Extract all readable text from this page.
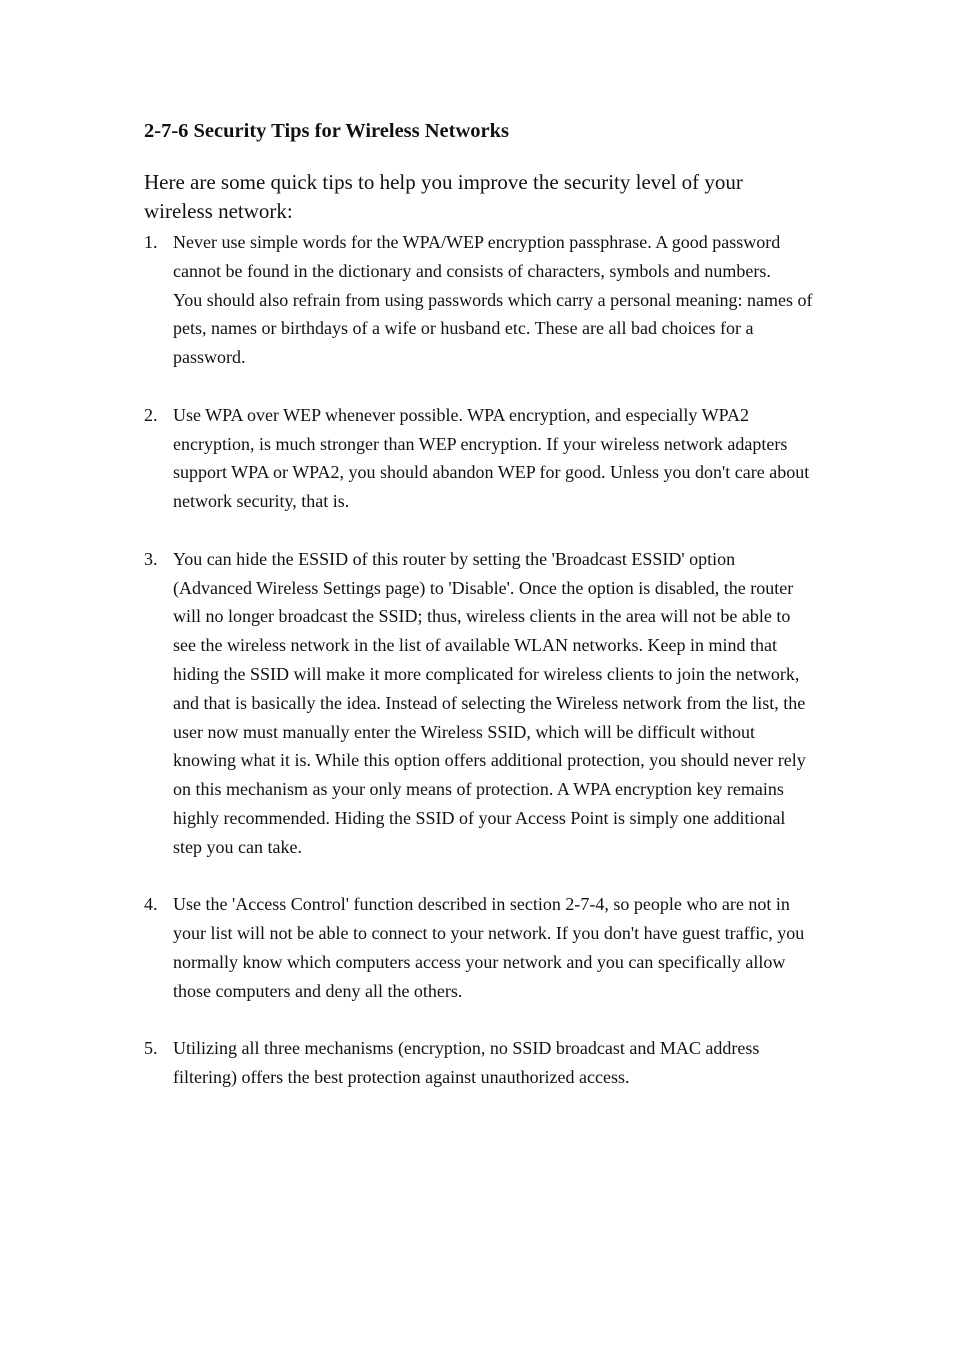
2-7-6 Security Tips for Wireless Networks

Here are some quick tips to help you improve the security level of your wireless network:

1. Never use simple words for the WPA/WEP encryption passphrase. A good password cannot be found in the dictionary and consists of characters, symbols and numbers.

You should also refrain from using passwords which carry a personal meaning: names of pets, names or birthdays of a wife or husband etc. These are all bad choices for a password.

2. Use WPA over WEP whenever possible. WPA encryption, and especially WPA2 encryption, is much stronger than WEP encryption. If your wireless network adapters support WPA or WPA2, you should abandon WEP for good. Unless you don't care about network security, that is.

3. You can hide the ESSID of this router by setting the 'Broadcast ESSID' option (Advanced Wireless Settings page) to 'Disable'. Once the option is disabled, the router will no longer broadcast the SSID; thus, wireless clients in the area will not be able to see the wireless network in the list of available WLAN networks. Keep in mind that hiding the SSID will make it more complicated for wireless clients to join the network, and that is basically the idea. Instead of selecting the Wireless network from the list, the user now must manually enter the Wireless SSID, which will be difficult without knowing what it is. While this option offers additional protection, you should never rely on this mechanism as your only means of protection. A WPA encryption key remains highly recommended. Hiding the SSID of your Access Point is simply one additional step you can take.

4. Use the 'Access Control' function described in section 2-7-4, so people who are not in your list will not be able to connect to your network. If you don't have guest traffic, you normally know which computers access your network and you can specifically allow those computers and deny all the others.

5. Utilizing all three mechanisms (encryption, no SSID broadcast and MAC address filtering) offers the best protection against unauthorized access.
